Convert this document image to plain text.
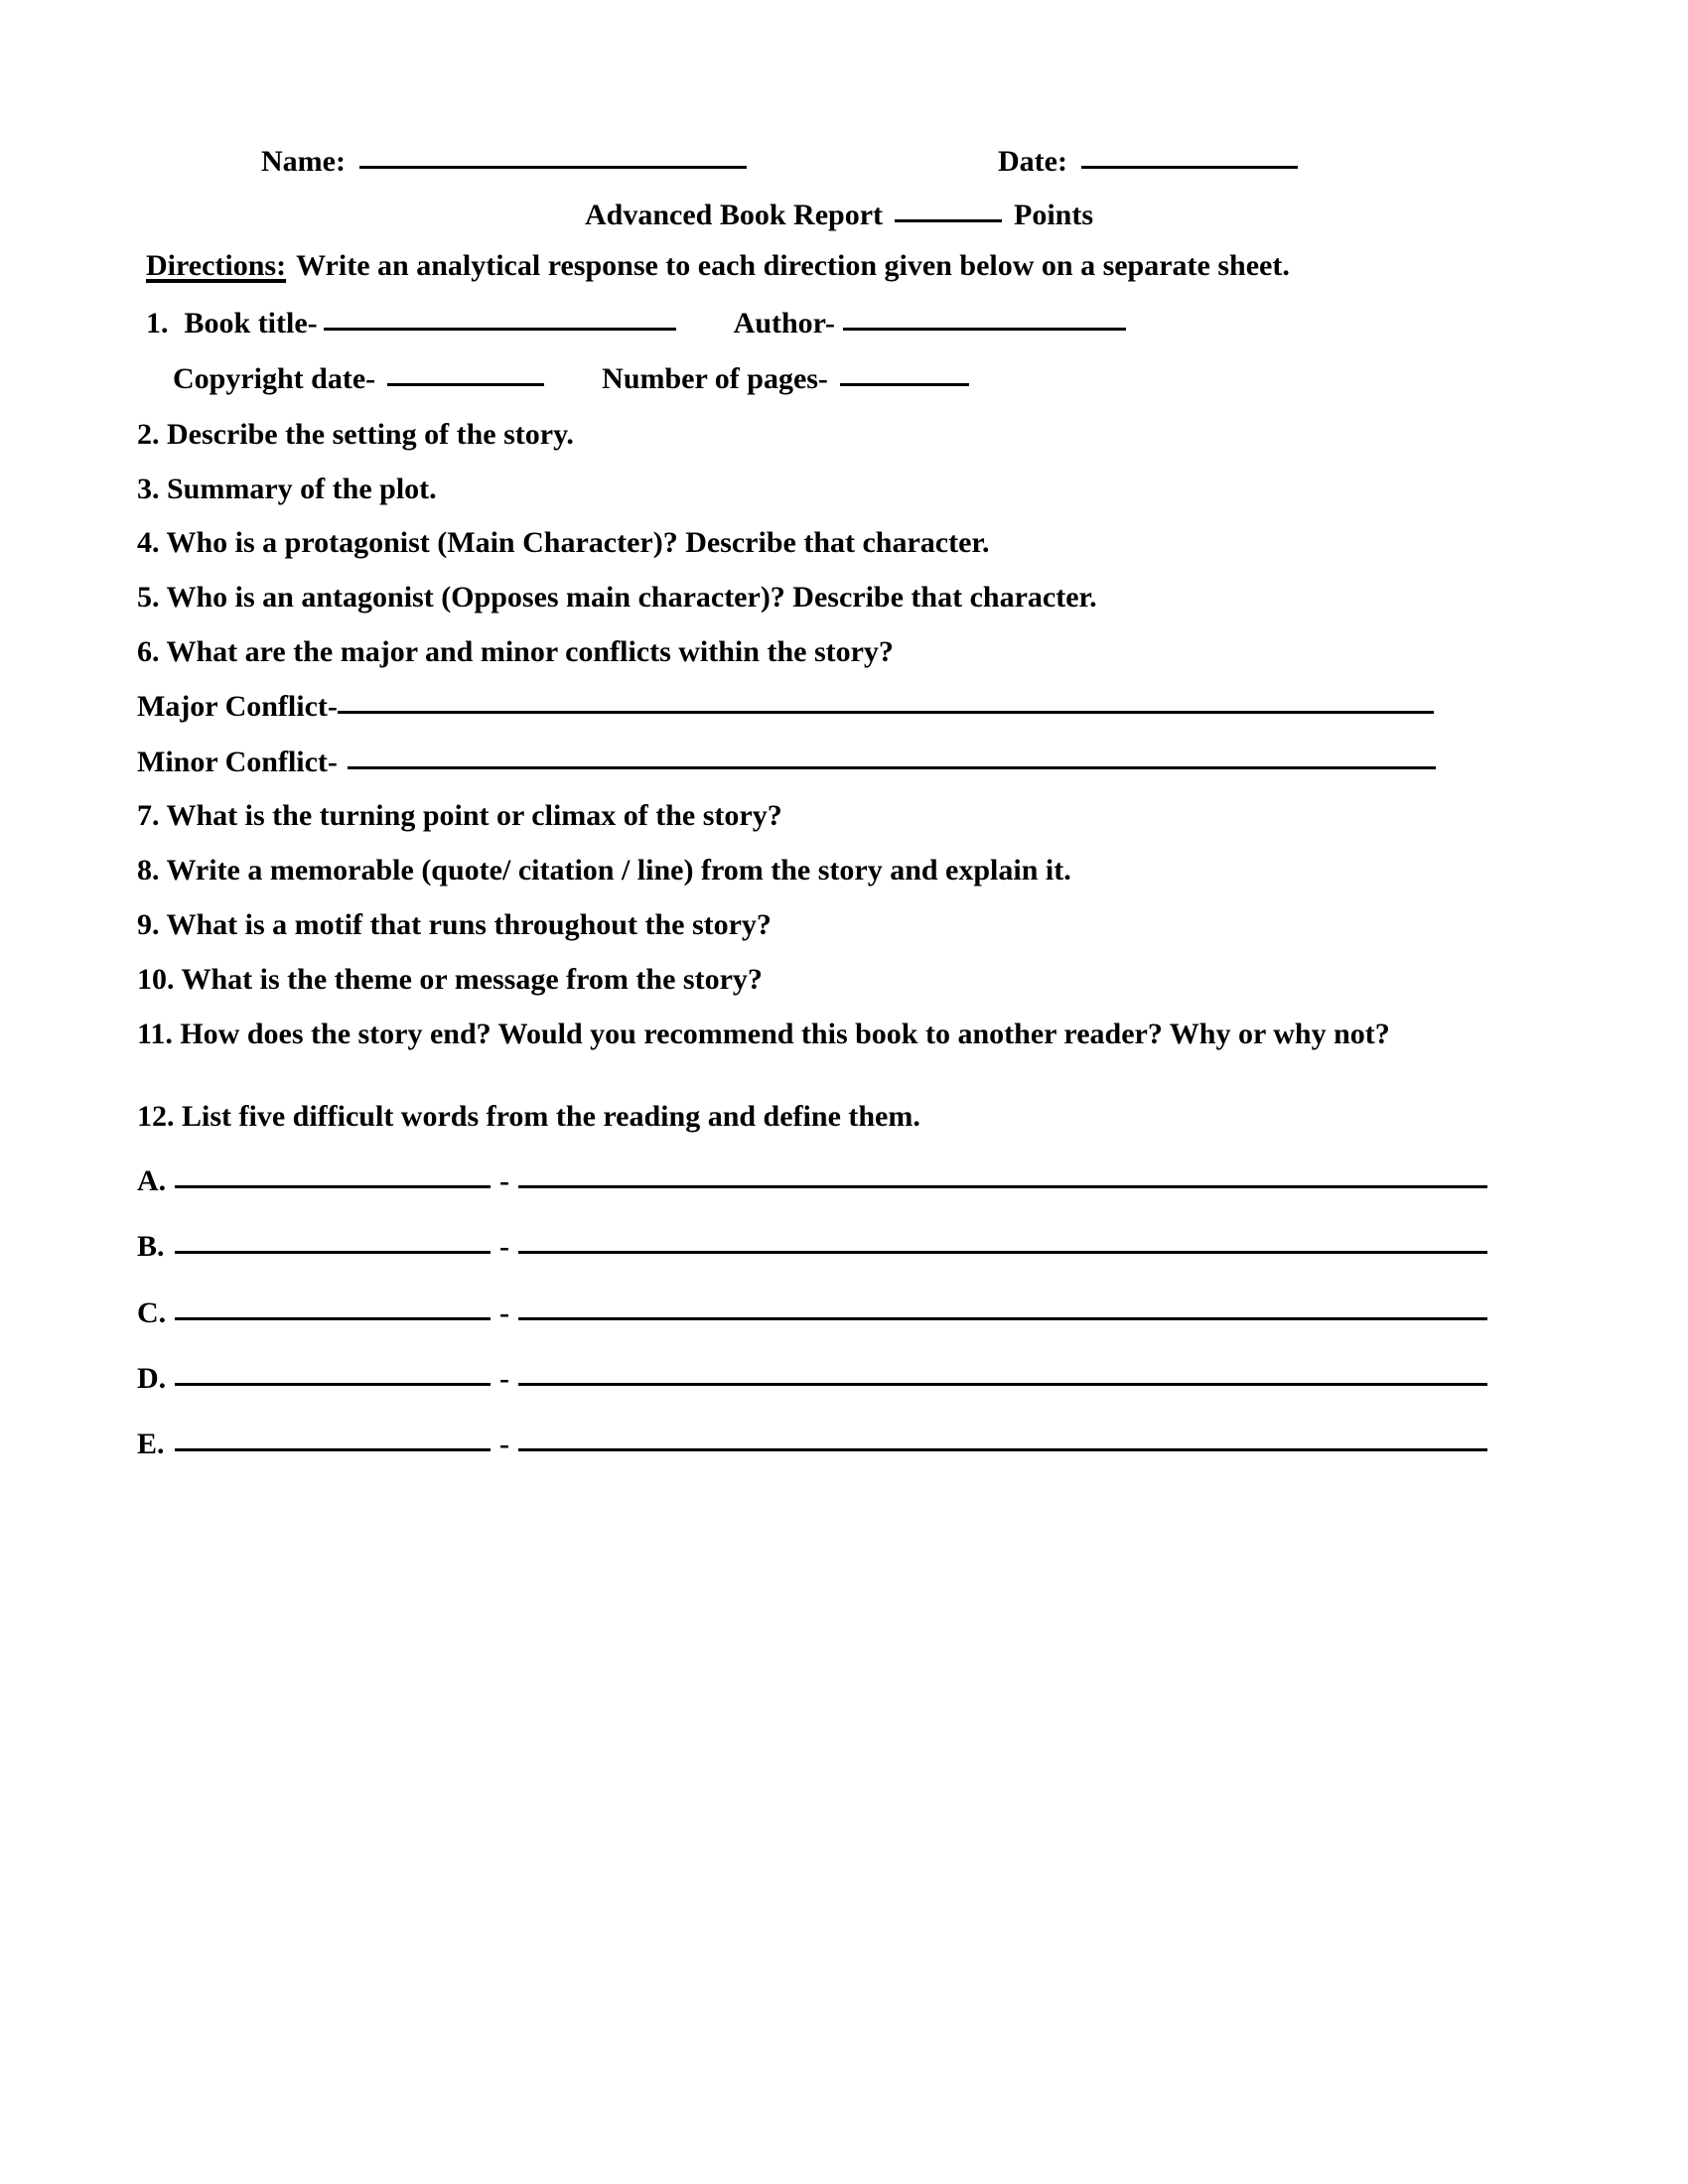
Name:	Date:
Advanced Book Report	Points
Directions: Write an analytical response to each direction given below on a separate sheet.
1. Book title-	Author-
Copyright date-	Number of pages-
2. Describe the setting of the story.
3. Summary of the plot.
4. Who is a protagonist (Main Character)? Describe that character.
5. Who is an antagonist (Opposes main character)? Describe that character.
6. What are the major and minor conflicts within the story?
Major Conflict-
Minor Conflict-
7. What is the turning point or climax of the story?
8. Write a memorable (quote/ citation / line) from the story and explain it.
9. What is a motif that runs throughout the story?
10. What is the theme or message from the story?
11. How does the story end? Would you recommend this book to another reader? Why or why not?
12. List five difficult words from the reading and define them.
A.	-
B.	-
C.	-
D.	-
E.	-
